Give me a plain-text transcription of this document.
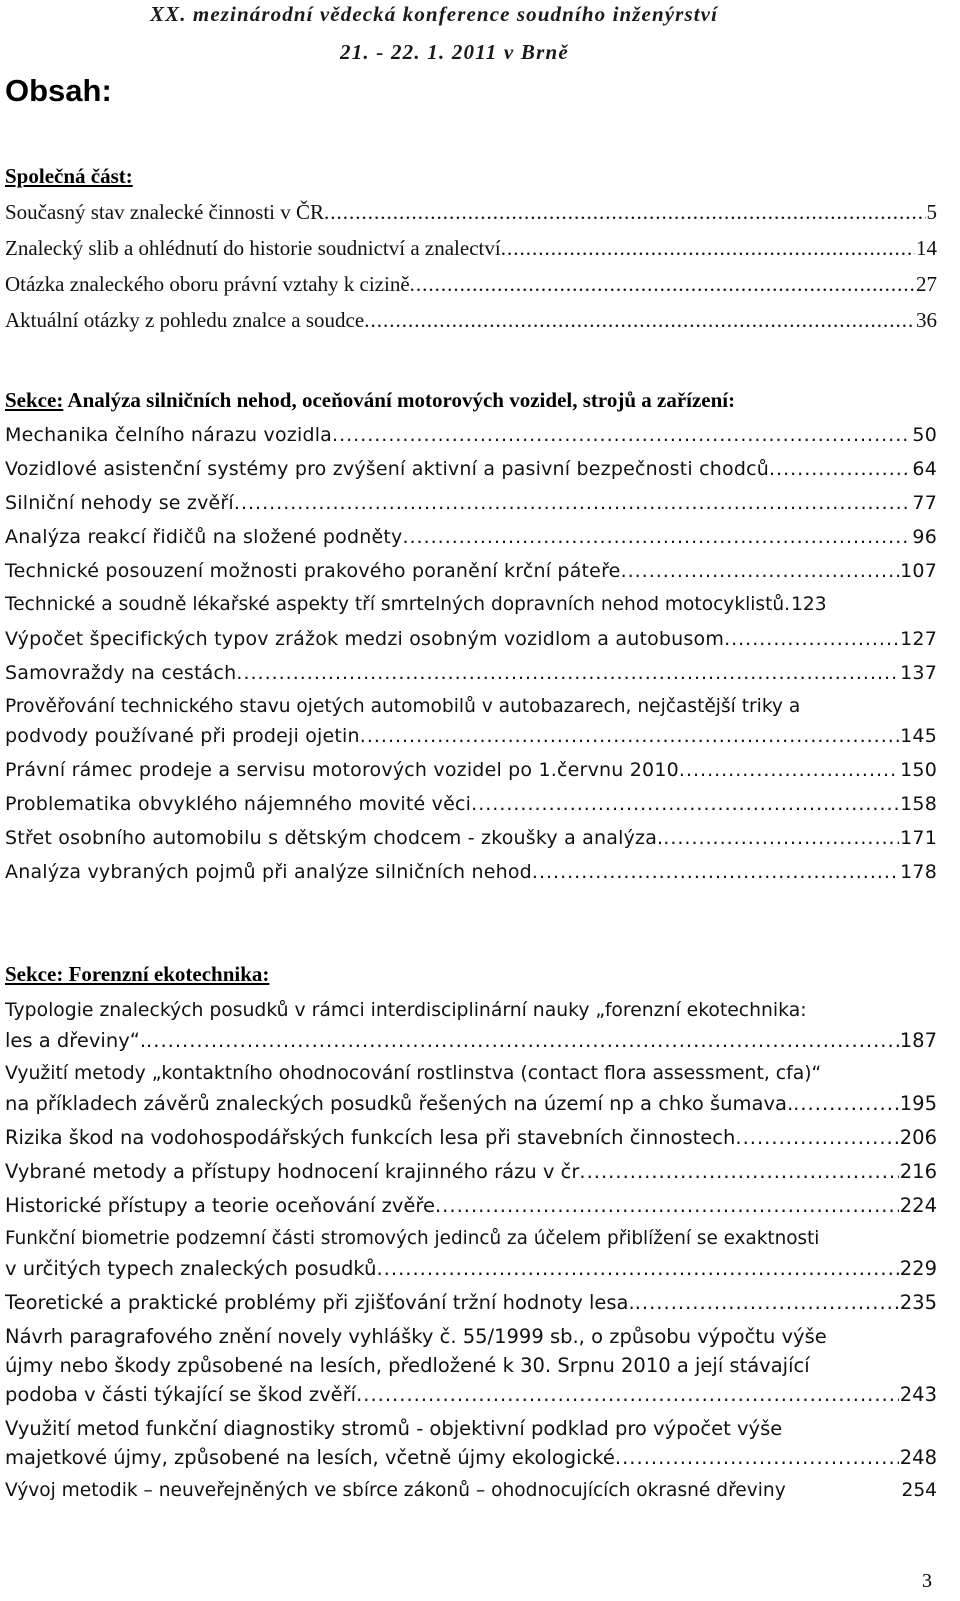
XX. mezinárodní vědecká konference soudního inženýrství
21. - 22. 1. 2011 v Brně
Obsah:
Společná část:
Současný stav znalecké činnosti v ČR .....	5
Znalecký slib a ohlédnutí do historie soudnictví a znalectví .....	14
Otázka znaleckého oboru právní vztahy k cizině .....	27
Aktuální otázky z pohledu znalce a soudce .....	36
Sekce: Analýza silničních nehod, oceňování motorových vozidel, strojů a zařízení:
Mechanika čelního nárazu vozidla .....	50
Vozidlové asistenční systémy pro zvýšení aktivní a pasivní bezpečnosti chodců .....	64
Silniční nehody se zvěří .....	77
Analýza reakcí řidičů na složené podněty .....	96
Technické posouzení možnosti prakového poranění krční páteře .....	107
Technické a soudně lékařské aspekty tří smrtelných dopravních nehod motocyklistů. 123
Výpočet špecifických typov zrážok medzi osobným vozidlom a autobusom .....	127
Samovraždy na cestách .....	137
Prověřování technického stavu ojetých automobilů v autobazarech, nejčastější triky a
podvody používané při prodeji ojetin .....	145
Právní rámec prodeje a servisu motorových vozidel po 1.červnu 2010 .....	150
Problematika obvyklého nájemného movité věci .....	158
Střet osobního automobilu s dětským chodcem - zkoušky a analýza. .....	171
Analýza vybraných pojmů při analýze silničních nehod .....	178
Sekce: Forenzní ekotechnika:
Typologie znaleckých posudků v rámci interdisciplinární nauky „forenzní ekotechnika:
les a dřeviny“. .....	187
Využití metody „kontaktního ohodnocování rostlinstva (contact flora assessment, cfa)“
na příkladech závěrů znaleckých posudků řešených na území np a chko šumava. .....	195
Rizika škod na vodohospodářských funkcích lesa při stavebních činnostech .....	206
Vybrané metody a přístupy hodnocení krajinného rázu v čr .....	216
Historické přístupy a teorie oceňování zvěře .....	224
Funkční biometrie podzemní části stromových jedinců za účelem přiblížení se exaktnosti
v určitých typech znaleckých posudků .....	229
Teoretické a praktické problémy při zjišťování tržní hodnoty lesa. .....	235
Návrh paragrafového znění novely vyhlášky č. 55/1999 sb., o způsobu výpočtu výše
újmy nebo škody způsobené na lesích, předložené k 30. Srpnu 2010 a její stávající
podoba v části týkající se škod zvěří .....	243
Využití metod funkční diagnostiky stromů - objektivní podklad pro výpočet výše
majetkové újmy, způsobené na lesích, včetně újmy ekologické .....	248
Vývoj metodik – neuveřejněných ve sbírce zákonů – ohodnocujících okrasné dřeviny	254
3
